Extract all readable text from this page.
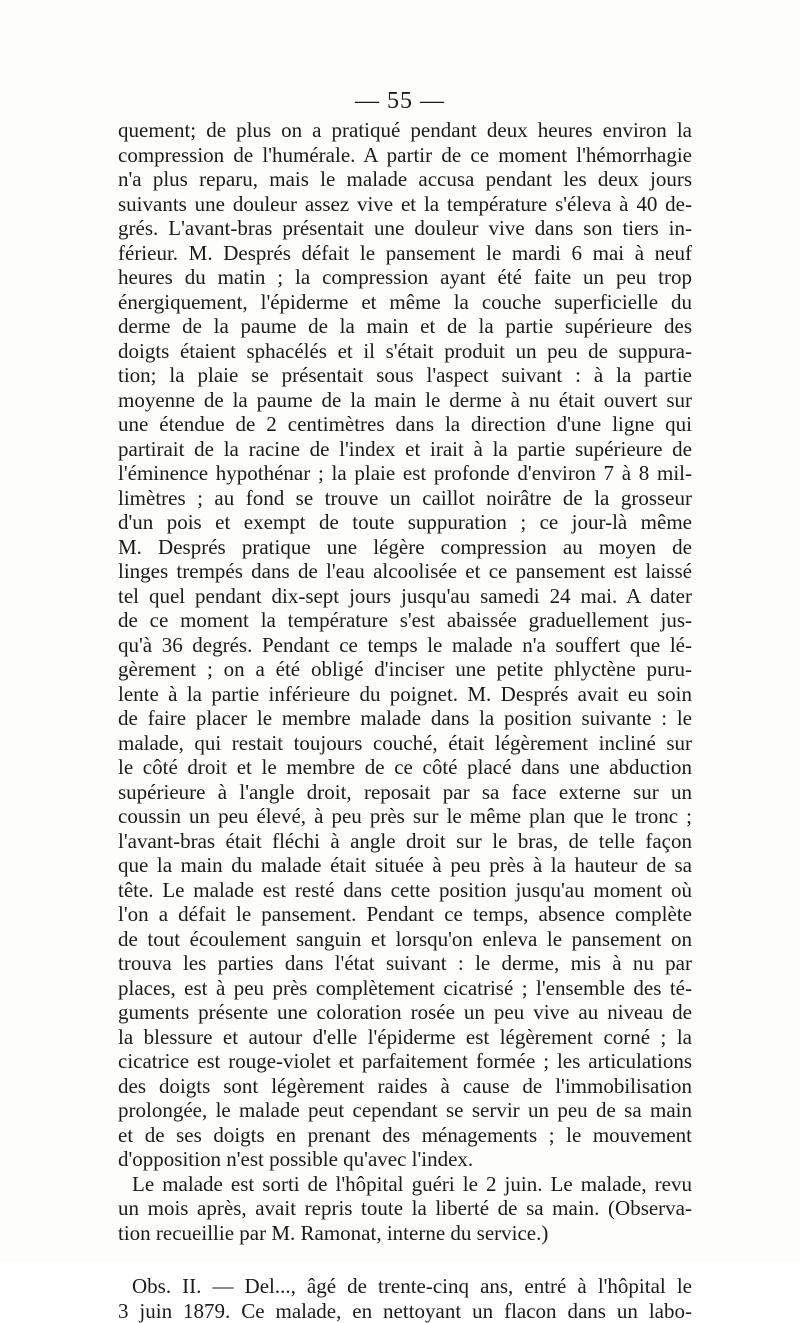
— 55 —
quement; de plus on a pratiqué pendant deux heures environ la
compression de l'humérale. A partir de ce moment l'hémorrhagie
n'a plus reparu, mais le malade accusa pendant les deux jours
suivants une douleur assez vive et la température s'éleva à 40 de-
grés. L'avant-bras présentait une douleur vive dans son tiers in-
férieur. M. Després défait le pansement le mardi 6 mai à neuf
heures du matin ; la compression ayant été faite un peu trop
énergiquement, l'épiderme et même la couche superficielle du
derme de la paume de la main et de la partie supérieure des
doigts étaient sphacélés et il s'était produit un peu de suppura-
tion; la plaie se présentait sous l'aspect suivant : à la partie
moyenne de la paume de la main le derme à nu était ouvert sur
une étendue de 2 centimètres dans la direction d'une ligne qui
partirait de la racine de l'index et irait à la partie supérieure de
l'éminence hypothénar ; la plaie est profonde d'environ 7 à 8 mil-
limètres ; au fond se trouve un caillot noirâtre de la grosseur
d'un pois et exempt de toute suppuration ; ce jour-là même
M. Després pratique une légère compression au moyen de
linges trempés dans de l'eau alcoolisée et ce pansement est laissé
tel quel pendant dix-sept jours jusqu'au samedi 24 mai. A dater
de ce moment la température s'est abaissée graduellement jus-
qu'à 36 degrés. Pendant ce temps le malade n'a souffert que lé-
gèrement ; on a été obligé d'inciser une petite phlyctène puru-
lente à la partie inférieure du poignet. M. Després avait eu soin
de faire placer le membre malade dans la position suivante : le
malade, qui restait toujours couché, était légèrement incliné sur
le côté droit et le membre de ce côté placé dans une abduction
supérieure à l'angle droit, reposait par sa face externe sur un
coussin un peu élevé, à peu près sur le même plan que le tronc ;
l'avant-bras était fléchi à angle droit sur le bras, de telle façon
que la main du malade était située à peu près à la hauteur de sa
tête. Le malade est resté dans cette position jusqu'au moment où
l'on a défait le pansement. Pendant ce temps, absence complète
de tout écoulement sanguin et lorsqu'on enleva le pansement on
trouva les parties dans l'état suivant : le derme, mis à nu par
places, est à peu près complètement cicatrisé ; l'ensemble des té-
guments présente une coloration rosée un peu vive au niveau de
la blessure et autour d'elle l'épiderme est légèrement corné ; la
cicatrice est rouge-violet et parfaitement formée ; les articulations
des doigts sont légèrement raides à cause de l'immobilisation
prolongée, le malade peut cependant se servir un peu de sa main
et de ses doigts en prenant des ménagements ; le mouvement
d'opposition n'est possible qu'avec l'index.
Le malade est sorti de l'hôpital guéri le 2 juin. Le malade, revu
un mois après, avait repris toute la liberté de sa main. (Observa-
tion recueillie par M. Ramonat, interne du service.)
Obs. II. — Del..., âgé de trente-cinq ans, entré à l'hôpital le
3 juin 1879. Ce malade, en nettoyant un flacon dans un labo-
